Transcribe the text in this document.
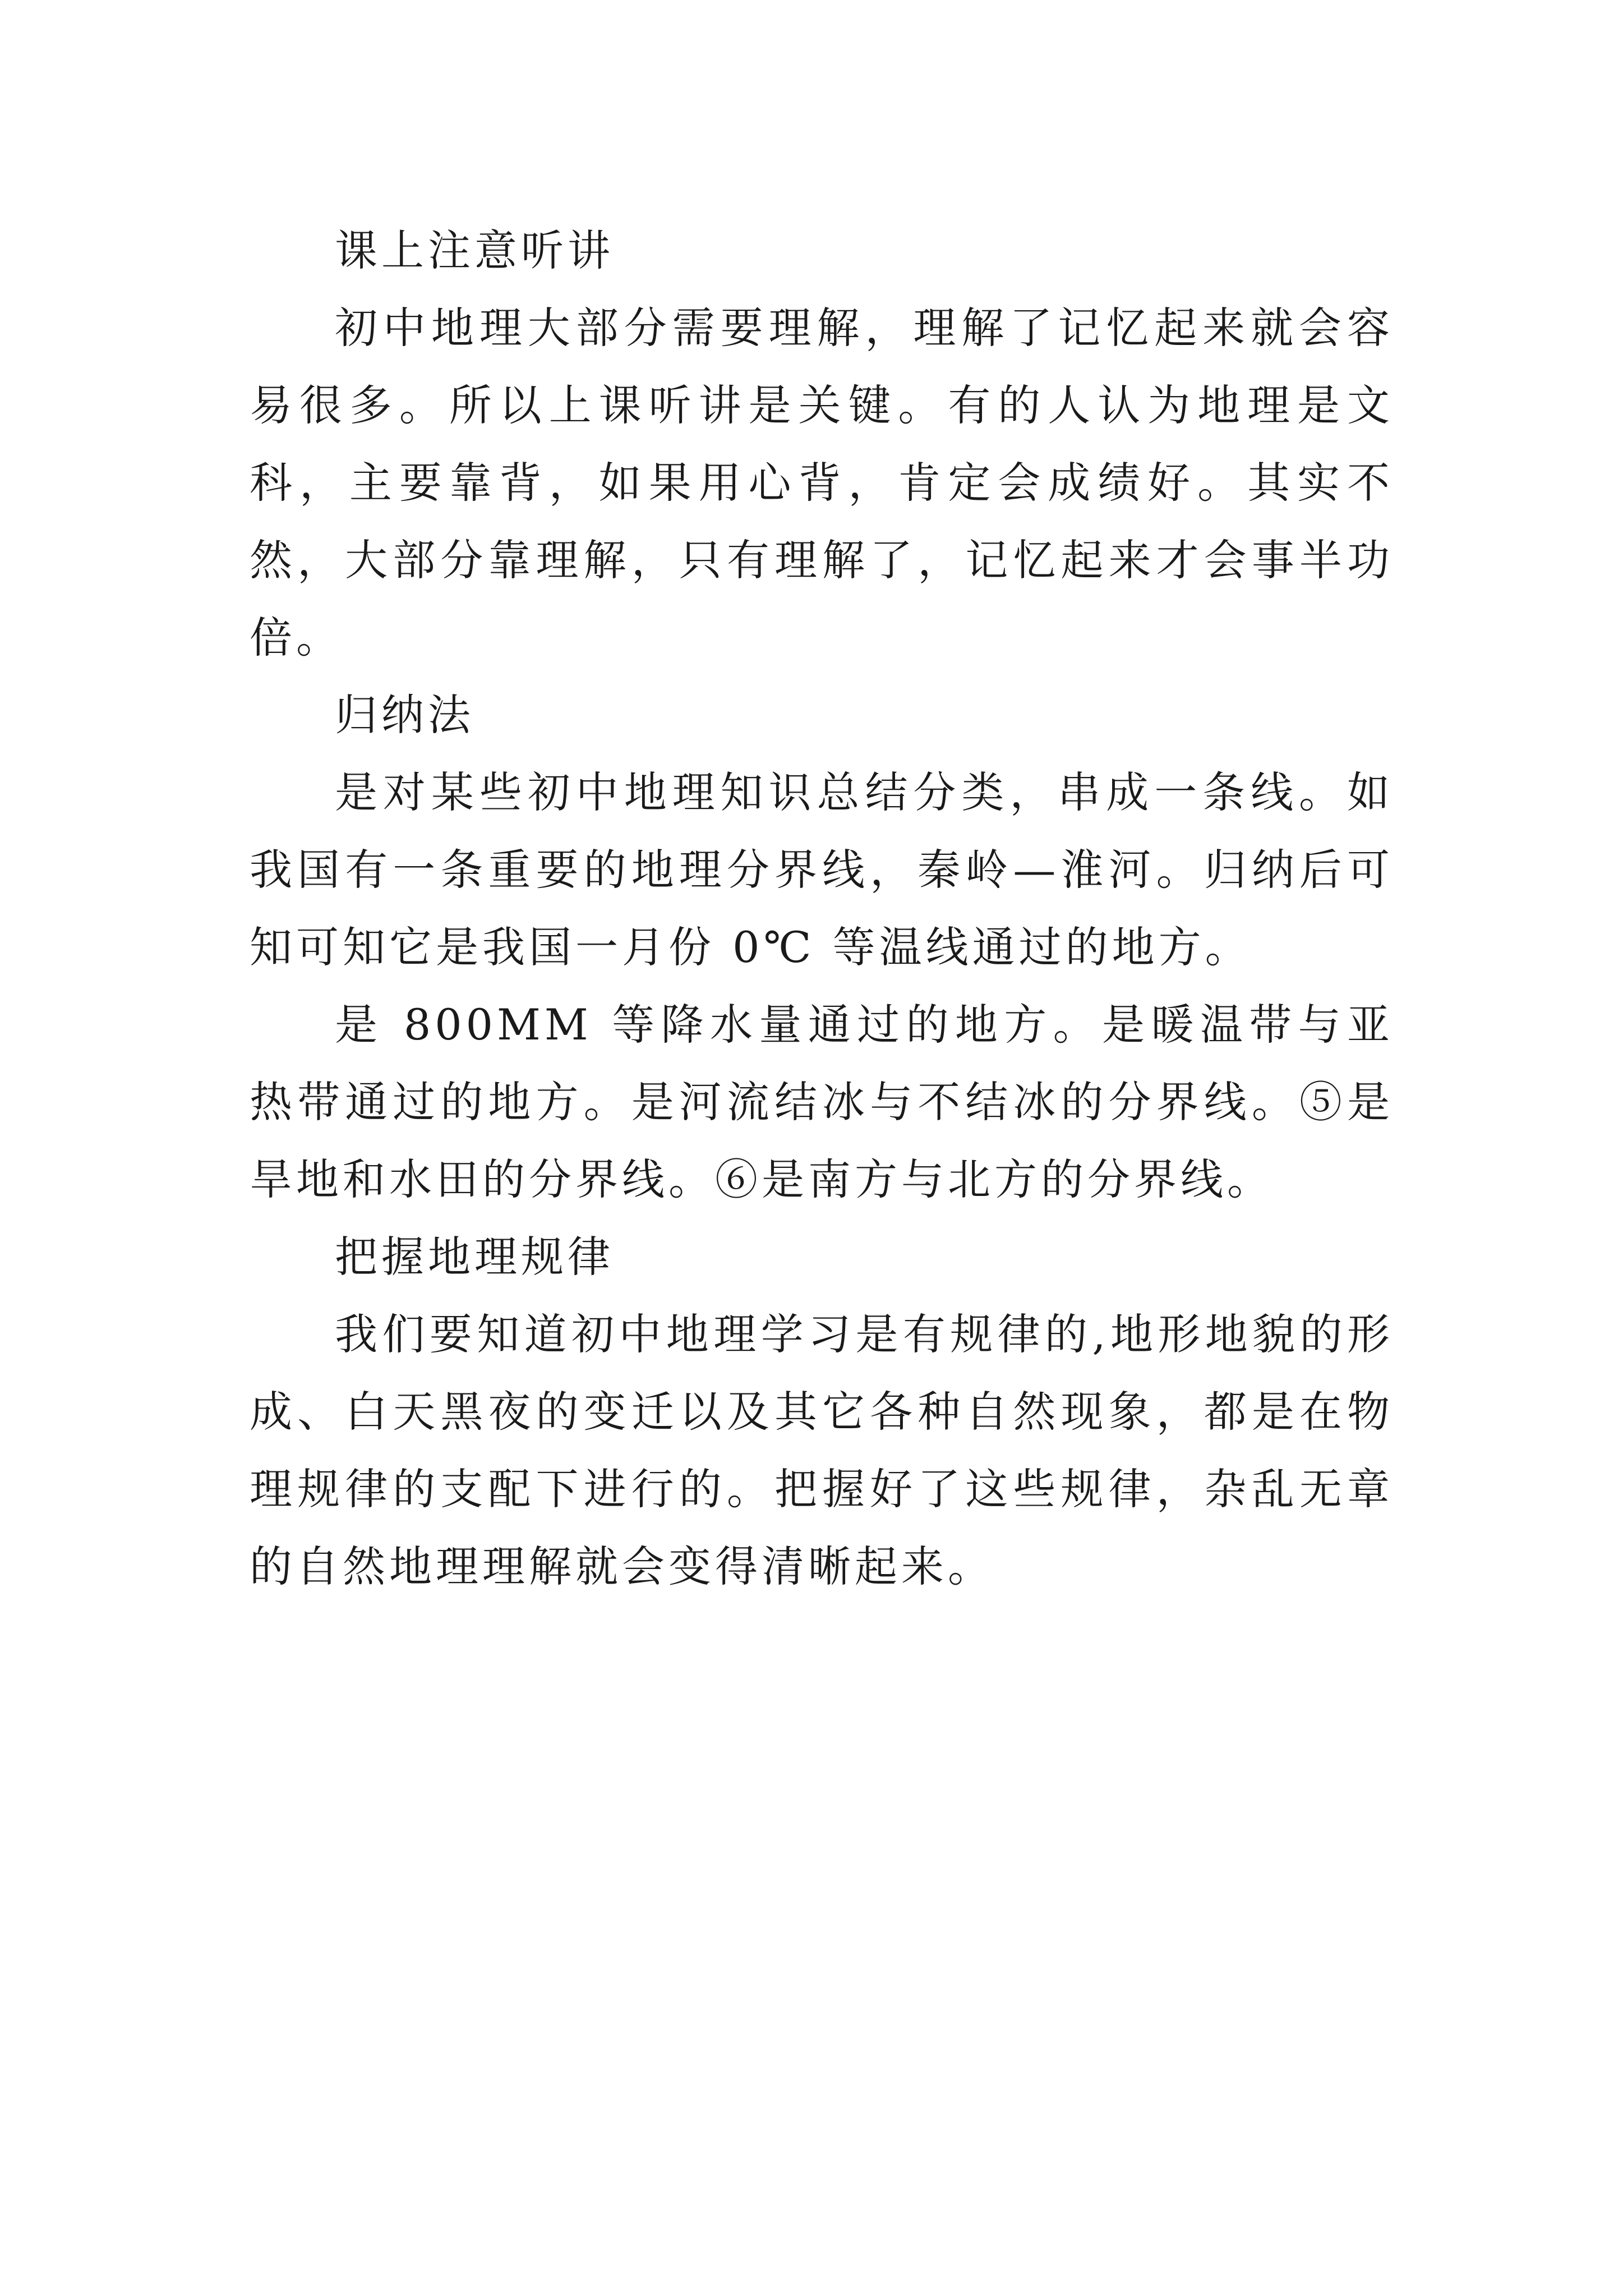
课上注意听讲

初中地理大部分需要理解，理解了记忆起来就会容易很多。所以上课听讲是关键。有的人认为地理是文科，主要靠背，如果用心背，肯定会成绩好。其实不然，大部分靠理解，只有理解了，记忆起来才会事半功倍。

归纳法

是对某些初中地理知识总结分类，串成一条线。如我国有一条重要的地理分界线，秦岭—淮河。归纳后可知可知它是我国一月份 0℃ 等温线通过的地方。

是 800MM 等降水量通过的地方。是暖温带与亚热带通过的地方。是河流结冰与不结冰的分界线。⑤是旱地和水田的分界线。⑥是南方与北方的分界线。

把握地理规律

我们要知道初中地理学习是有规律的,地形地貌的形成、白天黑夜的变迁以及其它各种自然现象，都是在物理规律的支配下进行的。把握好了这些规律，杂乱无章的自然地理理解就会变得清晰起来。
